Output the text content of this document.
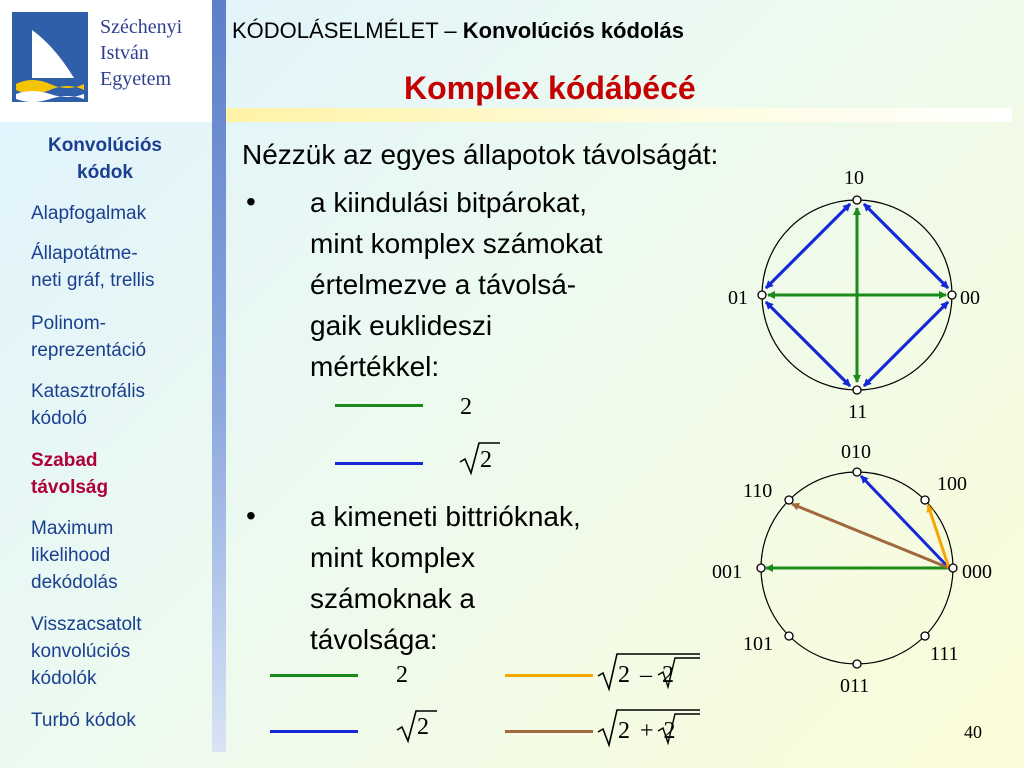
Széchenyi
István
Egyetem
KÓDOLÁSELMÉLET – Konvolúciós kódolás
Komplex kódábécé
Konvolúciós kódok
Alapfogalmak
Állapotátme-
neti gráf, trellis
Polinom-
reprezentáció
Katasztrofális
kódoló
Szabad
távolság
Maximum
likelihood
dekódolás
Visszacsatolt
konvolúciós
kódolók
Turbó kódok
Nézzük az egyes állapotok távolságát:
• a kiindulási bitpárokat,
mint komplex számokat
értelmezve a távolsá-
gaik euklideszi
mértékkel:
2
2
• a kimeneti bittrióknak,
mint komplex
számoknak a
távolsága:
2
2
2 – 2
2 + 2
10
01	00
11
010
100
110
001	000
101	111
011
40
